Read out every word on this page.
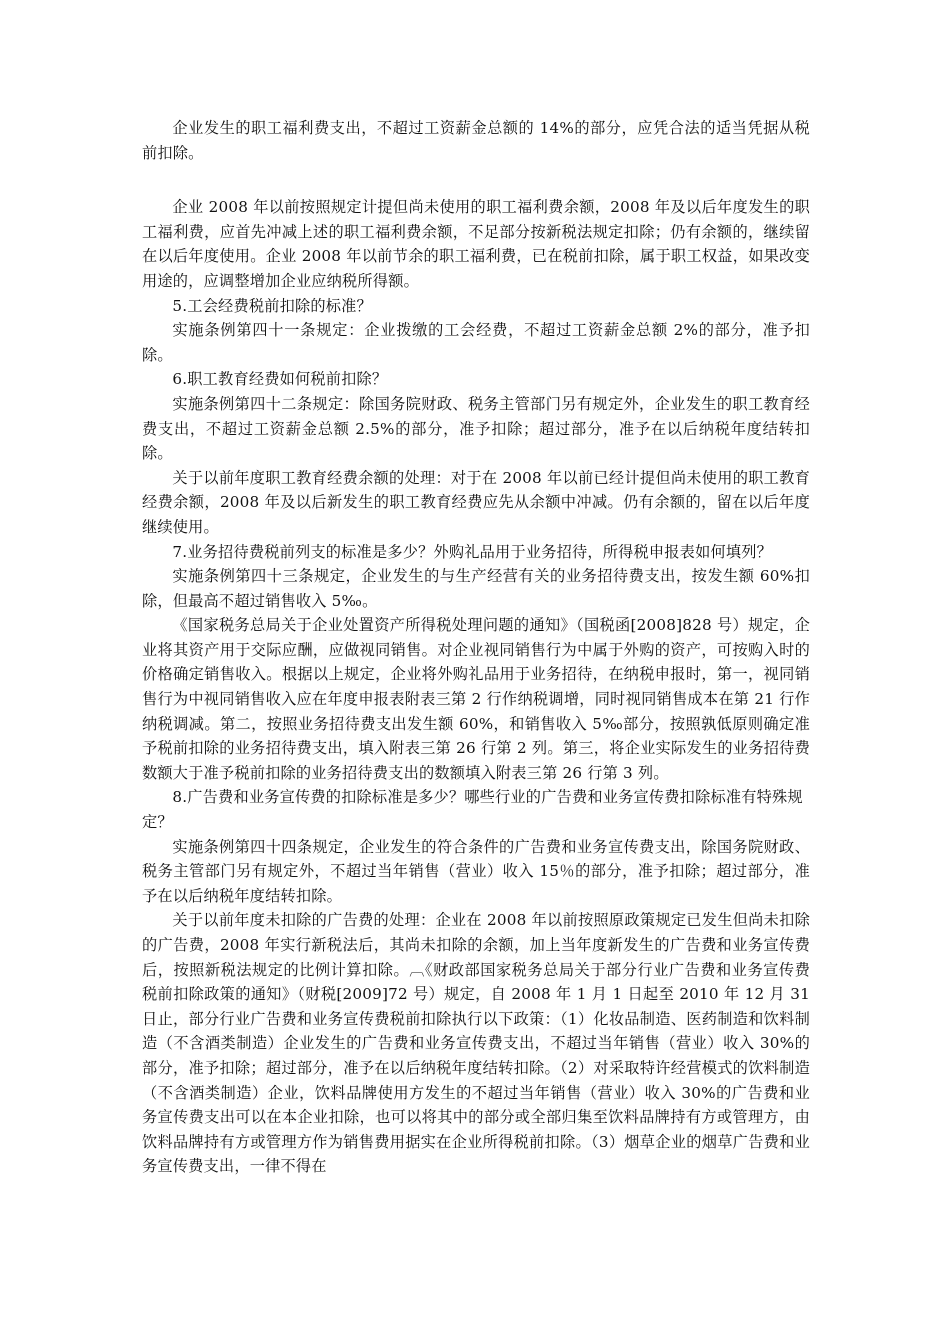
企业发生的职工福利费支出，不超过工资薪金总额的 14%的部分，应凭合法的适当凭据从税前扣除。

企业 2008 年以前按照规定计提但尚未使用的职工福利费余额，2008 年及以后年度发生的职工福利费，应首先冲减上述的职工福利费余额，不足部分按新税法规定扣除；仍有余额的，继续留在以后年度使用。企业 2008 年以前节余的职工福利费，已在税前扣除，属于职工权益，如果改变用途的，应调整增加企业应纳税所得额。

5.工会经费税前扣除的标准？

实施条例第四十一条规定：企业拨缴的工会经费，不超过工资薪金总额 2%的部分，准予扣除。

6.职工教育经费如何税前扣除？

实施条例第四十二条规定：除国务院财政、税务主管部门另有规定外，企业发生的职工教育经费支出，不超过工资薪金总额 2.5%的部分，准予扣除；超过部分，准予在以后纳税年度结转扣除。

关于以前年度职工教育经费余额的处理：对于在 2008 年以前已经计提但尚未使用的职工教育经费余额，2008 年及以后新发生的职工教育经费应先从余额中冲减。仍有余额的，留在以后年度继续使用。

7.业务招待费税前列支的标准是多少？外购礼品用于业务招待，所得税申报表如何填列？

实施条例第四十三条规定，企业发生的与生产经营有关的业务招待费支出，按发生额 60%扣除，但最高不超过销售收入 5‰。

《国家税务总局关于企业处置资产所得税处理问题的通知》（国税函[2008]828 号）规定，企业将其资产用于交际应酬，应做视同销售。对企业视同销售行为中属于外购的资产，可按购入时的价格确定销售收入。根据以上规定，企业将外购礼品用于业务招待，在纳税申报时，第一，视同销售行为中视同销售收入应在年度申报表附表三第 2 行作纳税调增，同时视同销售成本在第 21 行作纳税调减。第二，按照业务招待费支出发生额 60%，和销售收入 5‰部分，按照孰低原则确定准予税前扣除的业务招待费支出，填入附表三第 26 行第 2 列。第三，将企业实际发生的业务招待费数额大于准予税前扣除的业务招待费支出的数额填入附表三第 26 行第 3 列。

8.广告费和业务宣传费的扣除标准是多少？哪些行业的广告费和业务宣传费扣除标准有特殊规定？

实施条例第四十四条规定，企业发生的符合条件的广告费和业务宣传费支出，除国务院财政、税务主管部门另有规定外，不超过当年销售（营业）收入 15％的部分，准予扣除；超过部分，准予在以后纳税年度结转扣除。

关于以前年度未扣除的广告费的处理：企业在 2008 年以前按照原政策规定已发生但尚未扣除的广告费，2008 年实行新税法后，其尚未扣除的余额，加上当年度新发生的广告费和业务宣传费后，按照新税法规定的比例计算扣除。︹《财政部国家税务总局关于部分行业广告费和业务宣传费税前扣除政策的通知》（财税[2009]72 号）规定，自 2008 年 1 月 1 日起至 2010 年 12 月 31 日止，部分行业广告费和业务宣传费税前扣除执行以下政策：（1）化妆品制造、医药制造和饮料制造（不含酒类制造）企业发生的广告费和业务宣传费支出，不超过当年销售（营业）收入 30%的部分，准予扣除；超过部分，准予在以后纳税年度结转扣除。（2）对采取特许经营模式的饮料制造（不含酒类制造）企业，饮料品牌使用方发生的不超过当年销售（营业）收入 30%的广告费和业务宣传费支出可以在本企业扣除，也可以将其中的部分或全部归集至饮料品牌持有方或管理方，由饮料品牌持有方或管理方作为销售费用据实在企业所得税前扣除。（3）烟草企业的烟草广告费和业务宣传费支出，一律不得在
